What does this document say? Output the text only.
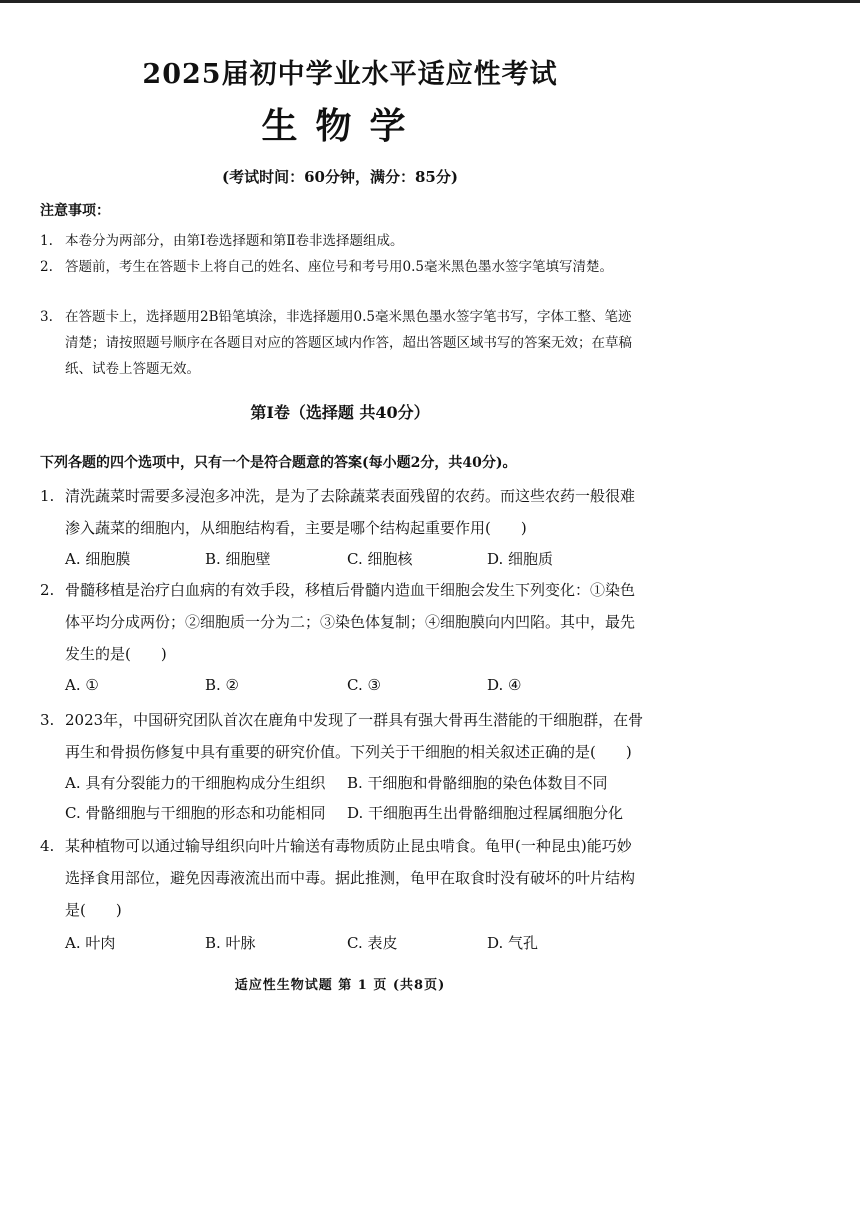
2025届初中学业水平适应性考试
生物学
(考试时间：60分钟，满分：85分)
注意事项：
1. 本卷分为两部分，由第Ⅰ卷选择题和第Ⅱ卷非选择题组成。
2. 答题前，考生在答题卡上将自己的姓名、座位号和考号用0.5毫米黑色墨水签字笔填写清楚。
3. 在答题卡上，选择题用2B铅笔填涂，非选择题用0.5毫米黑色墨水签字笔书写，字体工整、笔迹清楚；请按照题号顺序在各题目对应的答题区域内作答，超出答题区域书写的答案无效；在草稿纸、试卷上答题无效。
第Ⅰ卷（选择题 共40分）
下列各题的四个选项中，只有一个是符合题意的答案(每小题2分，共40分)。
1. 清洗蔬菜时需要多浸泡多冲洗，是为了去除蔬菜表面残留的农药。而这些农药一般很难渗入蔬菜的细胞内，从细胞结构看，主要是哪个结构起重要作用(　　)
A. 细胞膜	B. 细胞壁	C. 细胞核	D. 细胞质
2. 骨髓移植是治疗白血病的有效手段，移植后骨髓内造血干细胞会发生下列变化：①染色体平均分成两份；②细胞质一分为二；③染色体复制；④细胞膜向内凹陷。其中，最先发生的是(　　)
A. ①	B. ②	C. ③	D. ④
3. 2023年，中国研究团队首次在鹿角中发现了一群具有强大骨再生潜能的干细胞群，在骨再生和骨损伤修复中具有重要的研究价值。下列关于干细胞的相关叙述正确的是(　　)
A. 具有分裂能力的干细胞构成分生组织 B. 干细胞和骨骼细胞的染色体数目不同
C. 骨骼细胞与干细胞的形态和功能相同 D. 干细胞再生出骨骼细胞过程属细胞分化
4. 某种植物可以通过输导组织向叶片输送有毒物质防止昆虫啃食。龟甲(一种昆虫)能巧妙选择食用部位，避免因毒液流出而中毒。据此推测，龟甲在取食时没有破坏的叶片结构是(　　)
A. 叶肉	B. 叶脉	C. 表皮	D. 气孔
适应性生物试题 第 1 页 (共8页)
